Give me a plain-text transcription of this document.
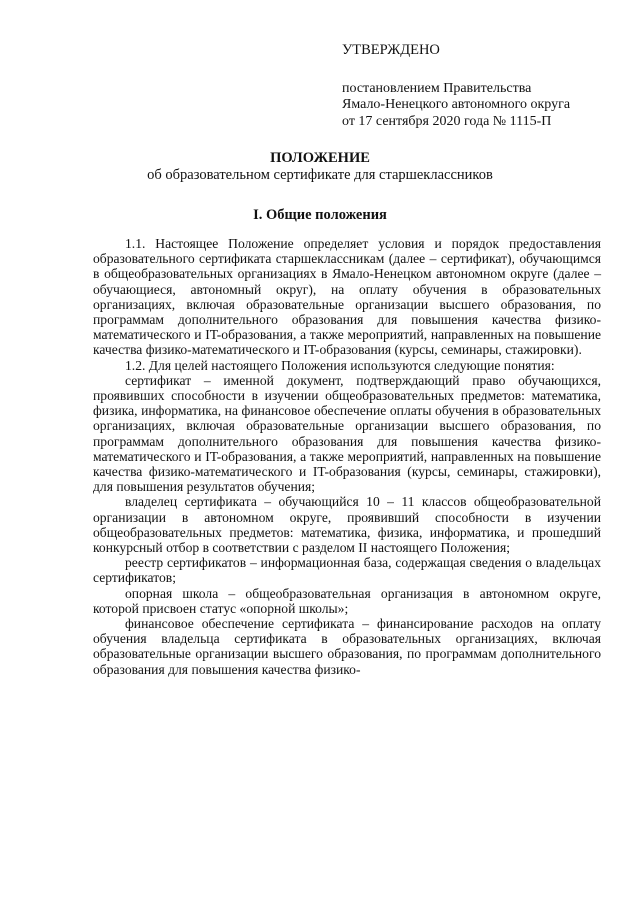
УТВЕРЖДЕНО
постановлением Правительства
Ямало-Ненецкого автономного округа
от 17 сентября 2020 года № 1115-П
ПОЛОЖЕНИЕ
об образовательном сертификате для старшеклассников
I. Общие положения

1.1. Настоящее Положение определяет условия и порядок предоставления образовательного сертификата старшеклассникам (далее – сертификат), обучающимся в общеобразовательных организациях в Ямало-Ненецком автономном округе (далее – обучающиеся, автономный округ), на оплату обучения в образовательных организациях, включая образовательные организации высшего образования, по программам дополнительного образования для повышения качества физико-математического и IT-образования, а также мероприятий, направленных на повышение качества физико-математического и IT-образования (курсы, семинары, стажировки).

1.2. Для целей настоящего Положения используются следующие понятия:

сертификат – именной документ, подтверждающий право обучающихся, проявивших способности в изучении общеобразовательных предметов: математика, физика, информатика, на финансовое обеспечение оплаты обучения в образовательных организациях, включая образовательные организации высшего образования, по программам дополнительного образования для повышения качества физико-математического и IT-образования, а также мероприятий, направленных на повышение качества физико-математического и IT-образования (курсы, семинары, стажировки), для повышения результатов обучения;

владелец сертификата – обучающийся 10 – 11 классов общеобразовательной организации в автономном округе, проявивший способности в изучении общеобразовательных предметов: математика, физика, информатика, и прошедший конкурсный отбор в соответствии с разделом II настоящего Положения;

реестр сертификатов – информационная база, содержащая сведения о владельцах сертификатов;

опорная школа – общеобразовательная организация в автономном округе, которой присвоен статус «опорной школы»;

финансовое обеспечение сертификата – финансирование расходов на оплату обучения владельца сертификата в образовательных организациях, включая образовательные организации высшего образования, по программам дополнительного образования для повышения качества физико-
